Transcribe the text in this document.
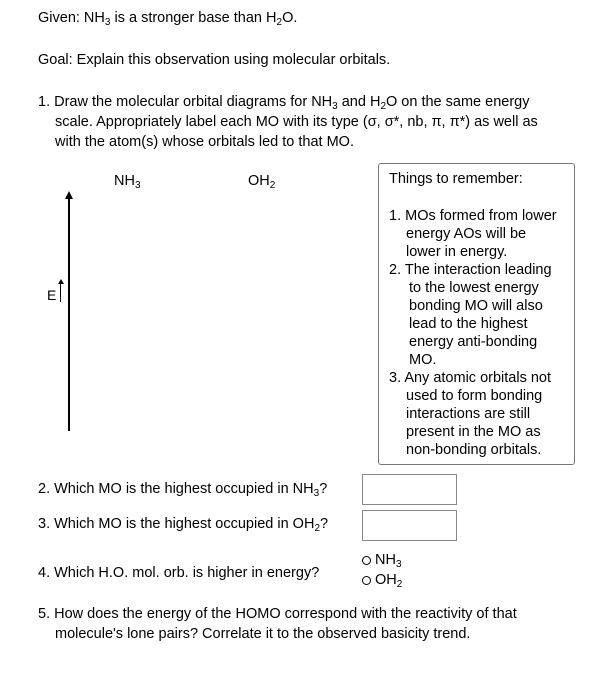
Given: $NH_3$ is a stronger base than $H_2O$.
Goal: Explain this observation using molecular orbitals.
1. Draw the molecular orbital diagrams for $NH_3$ and $H_2O$ on the same energy
scale. Appropriately label each MO with its type (σ, σ*, nb, π, π*) as well as
with the atom(s) whose orbitals led to that MO.
$NH_3$	$OH_2$
E
Things to remember:
1. MOs formed from lower
energy AOs will be
lower in energy.
2. The interaction leading
to the lowest energy
bonding MO will also
lead to the highest
energy anti-bonding
MO.
3. Any atomic orbitals not
used to form bonding
interactions are still
present in the MO as
non-bonding orbitals.
2. Which MO is the highest occupied in $NH_3$?
3. Which MO is the highest occupied in $OH_2$?
4. Which H.O. mol. orb. is higher in energy?
$NH_3$
$OH_2$
5. How does the energy of the HOMO correspond with the reactivity of that
molecule's lone pairs? Correlate it to the observed basicity trend.
